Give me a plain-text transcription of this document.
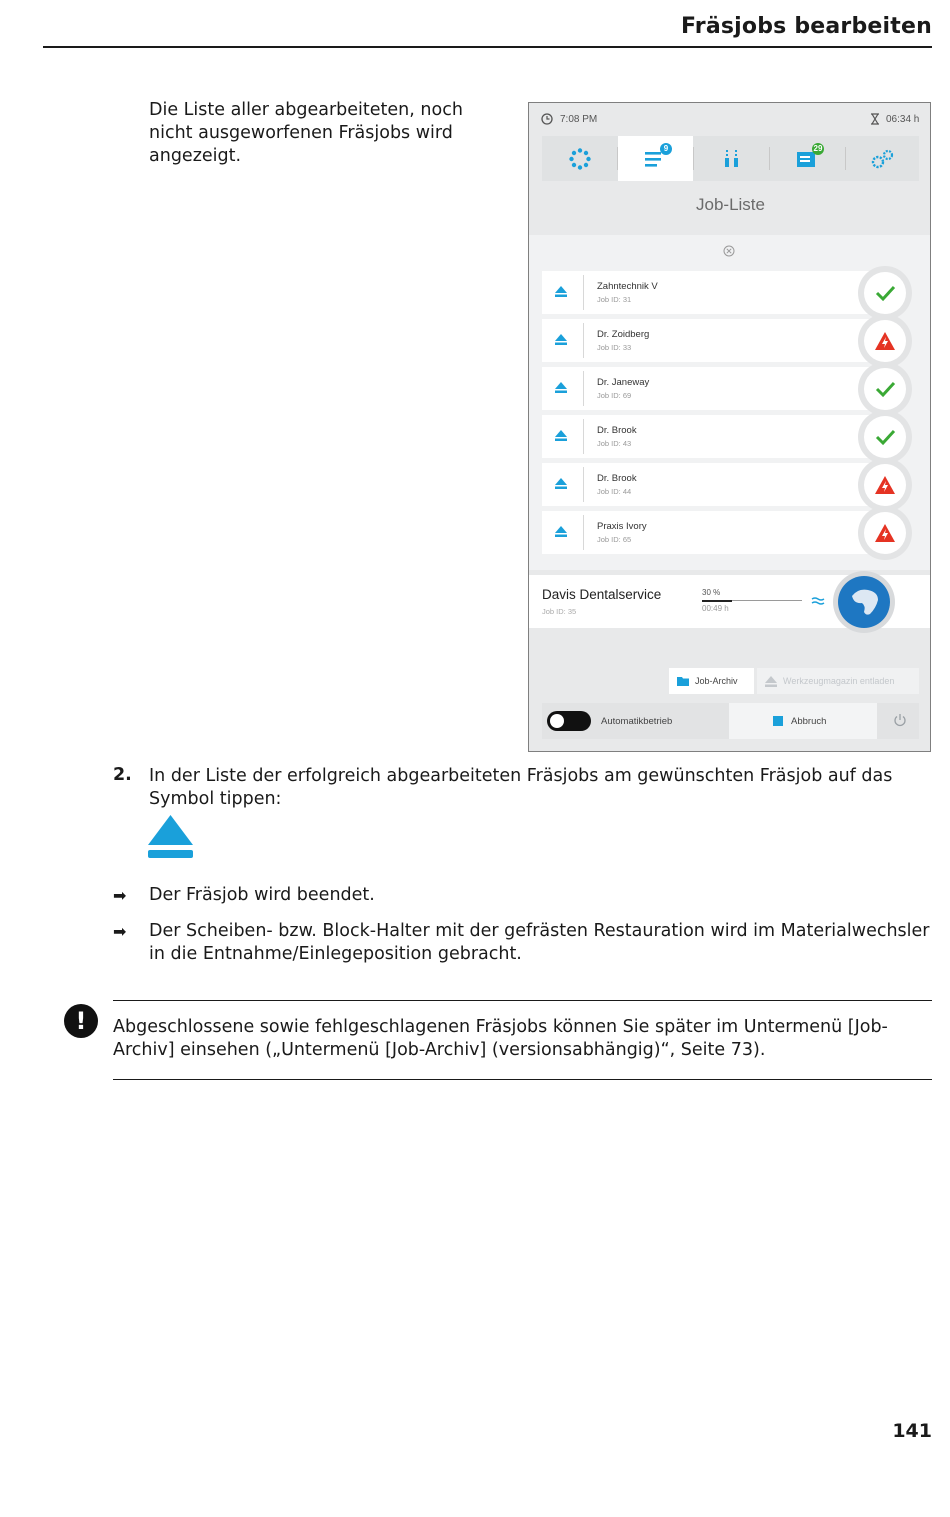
Fräsjobs bearbeiten
Die Liste aller abgearbeiteten, noch nicht ausgeworfenen Fräsjobs wird angezeigt.
7:08 PM	06:34 h
9	29
Job-Liste
Zahntechnik V
Job ID: 31
Dr. Zoidberg
Job ID: 33
Dr. Janeway
Job ID: 69
Dr. Brook
Job ID: 43
Dr. Brook
Job ID: 44
Praxis Ivory
Job ID: 65
Davis Dentalservice
Job ID: 35
30 %
00:49 h
Job-Archiv	Werkzeugmagazin entladen
Automatikbetrieb	Abbruch
2. In der Liste der erfolgreich abgearbeiteten Fräsjobs am gewünschten Fräsjob auf das Symbol tippen:
➡ Der Fräsjob wird beendet.
➡ Der Scheiben- bzw. Block-Halter mit der gefrästen Restauration wird im Materialwechsler in die Entnahme/Einlegeposition gebracht.
!	Abgeschlossene sowie fehlgeschlagenen Fräsjobs können Sie später im Untermenü [Job-Archiv] einsehen („Untermenü [Job-Archiv] (versionsabhängig)“, Seite 73).
141
